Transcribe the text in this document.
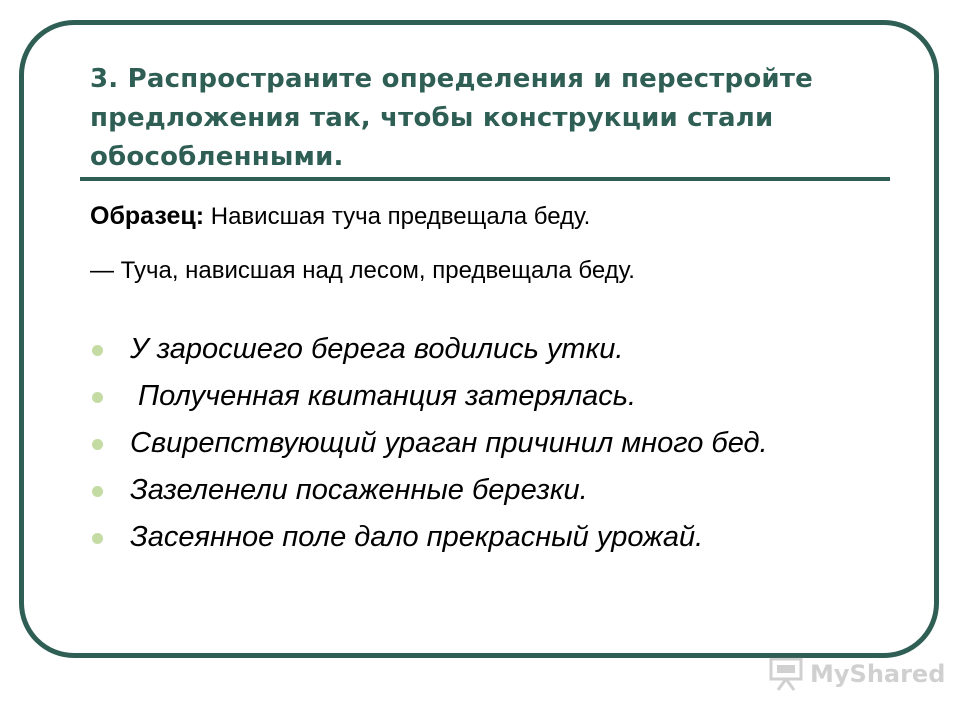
3. Распространите определения и перестройте предложения так, чтобы конструкции стали обособленными.
Образец: Нависшая туча предвещала беду.
— Туча, нависшая над лесом, предвещала беду.
У заросшего берега водились утки.
Полученная квитанция затерялась.
Свирепствующий ураган причинил много бед.
Зазеленели посаженные березки.
Засеянное поле дало прекрасный урожай.
MyShared
